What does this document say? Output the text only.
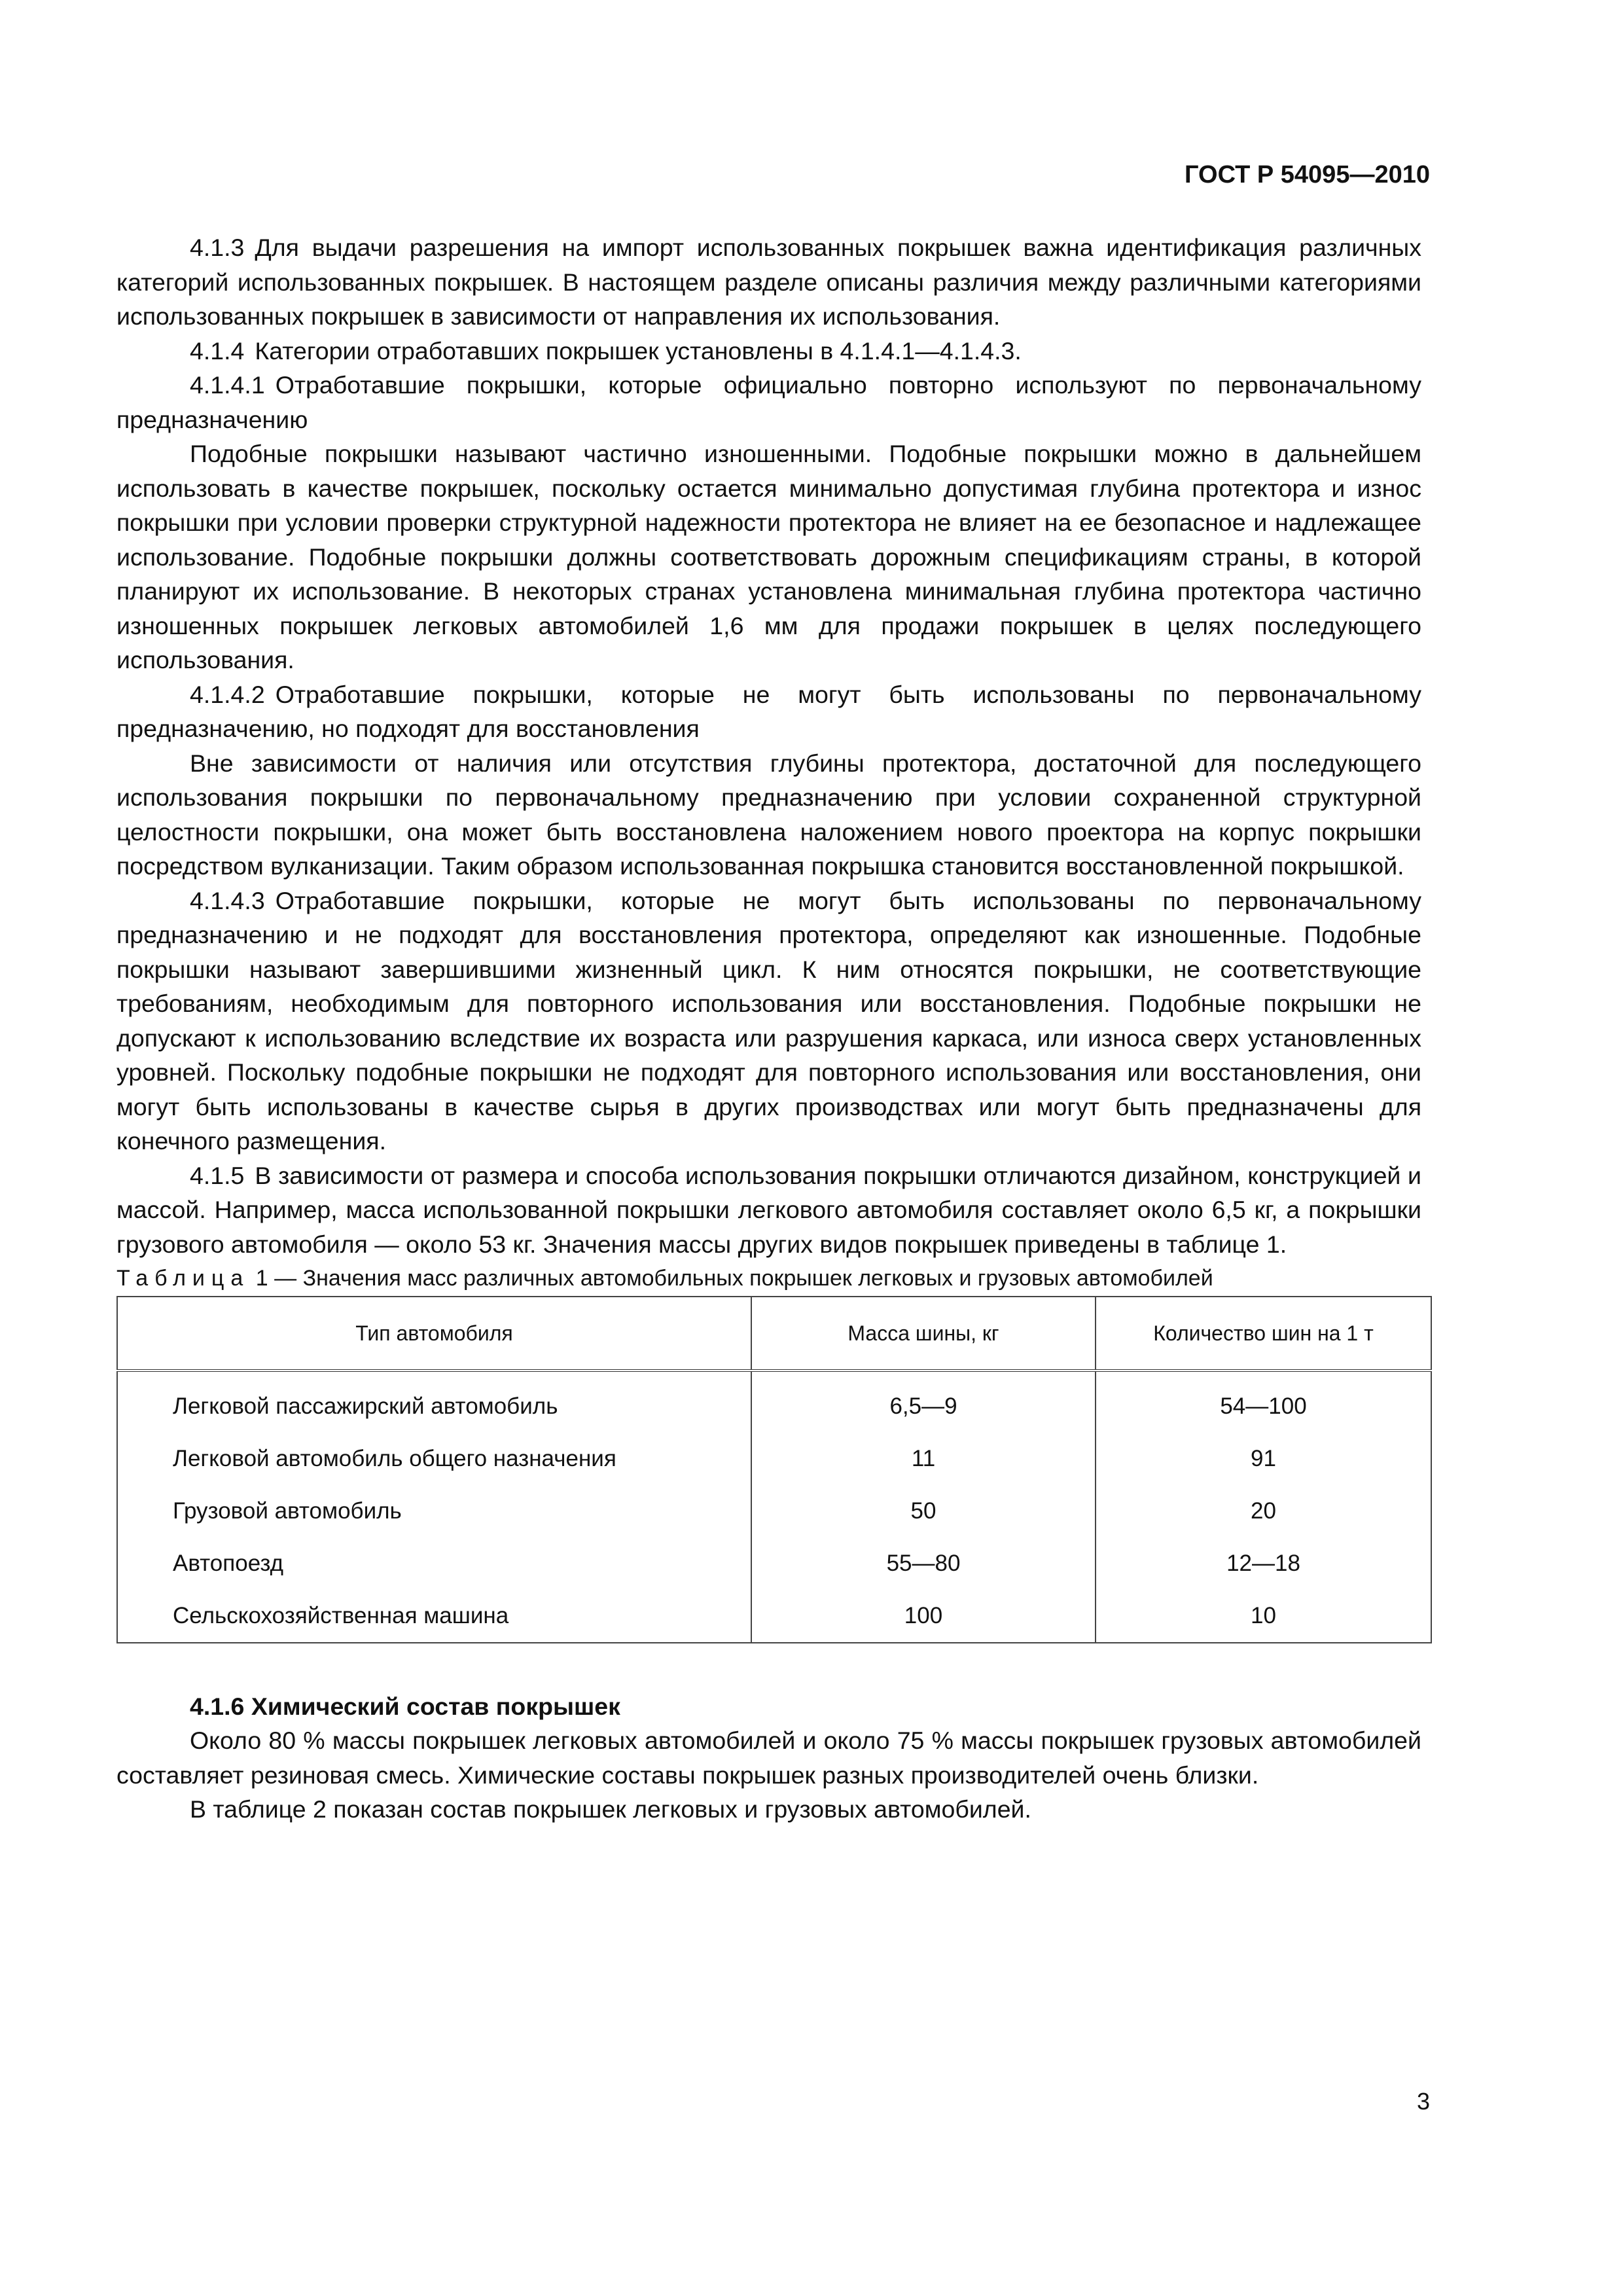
ГОСТ Р 54095—2010

4.1.3 Для выдачи разрешения на импорт использованных покрышек важна идентификация различных категорий использованных покрышек. В настоящем разделе описаны различия между различными категориями использованных покрышек в зависимости от направления их использования.

4.1.4 Категории отработавших покрышек установлены в 4.1.4.1—4.1.4.3.

4.1.4.1 Отработавшие покрышки, которые официально повторно используют по первоначальному предназначению

Подобные покрышки называют частично изношенными. Подобные покрышки можно в дальнейшем использовать в качестве покрышек, поскольку остается минимально допустимая глубина протектора и износ покрышки при условии проверки структурной надежности протектора не влияет на ее безопасное и надлежащее использование. Подобные покрышки должны соответствовать дорожным спецификациям страны, в которой планируют их использование. В некоторых странах установлена минимальная глубина протектора частично изношенных покрышек легковых автомобилей 1,6 мм для продажи покрышек в целях последующего использования.

4.1.4.2 Отработавшие покрышки, которые не могут быть использованы по первоначальному предназначению, но подходят для восстановления

Вне зависимости от наличия или отсутствия глубины протектора, достаточной для последующего использования покрышки по первоначальному предназначению при условии сохраненной структурной целостности покрышки, она может быть восстановлена наложением нового проектора на корпус покрышки посредством вулканизации. Таким образом использованная покрышка становится восстановленной покрышкой.

4.1.4.3 Отработавшие покрышки, которые не могут быть использованы по первоначальному предназначению и не подходят для восстановления протектора, определяют как изношенные. Подобные покрышки называют завершившими жизненный цикл. К ним относятся покрышки, не соответствующие требованиям, необходимым для повторного использования или восстановления. Подобные покрышки не допускают к использованию вследствие их возраста или разрушения каркаса, или износа сверх установленных уровней. Поскольку подобные покрышки не подходят для повторного использования или восстановления, они могут быть использованы в качестве сырья в других производствах или могут быть предназначены для конечного размещения.

4.1.5 В зависимости от размера и способа использования покрышки отличаются дизайном, конструкцией и массой. Например, масса использованной покрышки легкового автомобиля составляет около 6,5 кг, а покрышки грузового автомобиля — около 53 кг. Значения массы других видов покрышек приведены в таблице 1.

Таблица 1 — Значения масс различных автомобильных покрышек легковых и грузовых автомобилей

Тип автомобиля	Масса шины, кг	Количество шин на 1 т
Легковой пассажирский автомобиль	6,5—9	54—100
Легковой автомобиль общего назначения	11	91
Грузовой автомобиль	50	20
Автопоезд	55—80	12—18
Сельскохозяйственная машина	100	10

4.1.6 Химический состав покрышек

Около 80 % массы покрышек легковых автомобилей и около 75 % массы покрышек грузовых автомобилей составляет резиновая смесь. Химические составы покрышек разных производителей очень близки.

В таблице 2 показан состав покрышек легковых и грузовых автомобилей.

3
